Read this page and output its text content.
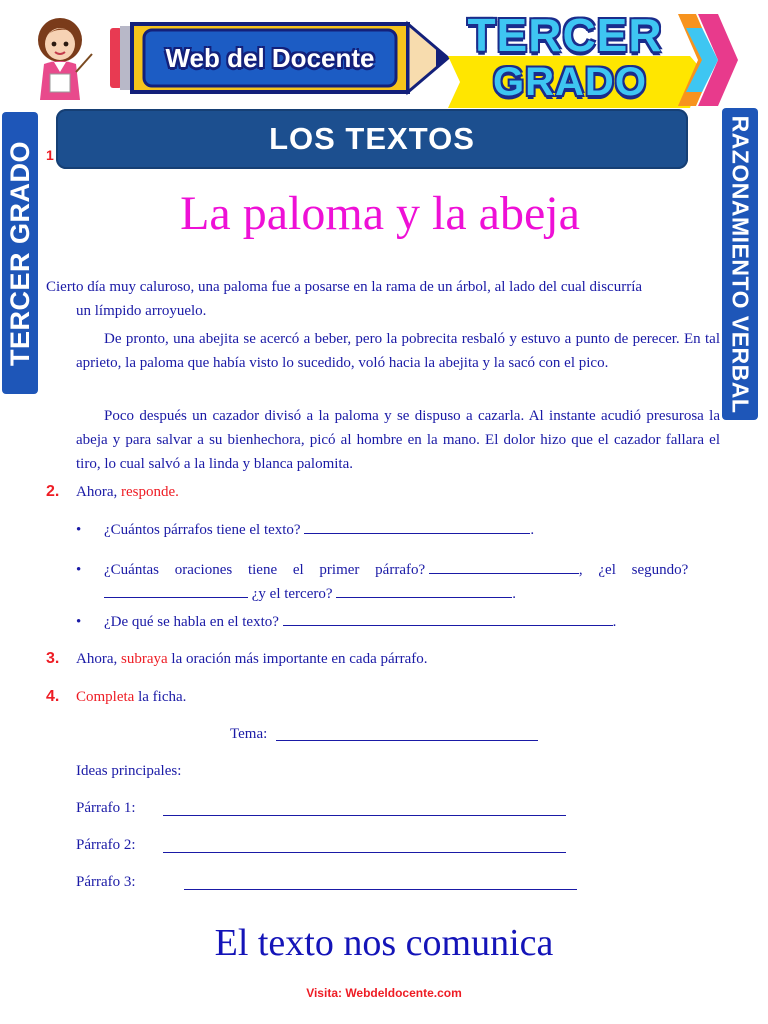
Web del Docente	TERCER
GRADO
TERCER GRADO	RAZONAMIENTO VERBAL
LOS TEXTOS
1
La paloma y la abeja
Cierto día muy caluroso, una paloma fue a posarse en la rama de un árbol, al lado del cual discurría
un límpido arroyuelo.
De pronto, una abejita se acercó a beber, pero la pobrecita resbaló y estuvo a punto de perecer. En tal aprieto, la paloma que había visto lo sucedido, voló hacia la abejita y la sacó con el pico.
Poco después un cazador divisó a la paloma y se dispuso a cazarla. Al instante acudió presurosa la abeja y para salvar a su bienhechora, picó al hombre en la mano. El dolor hizo que el cazador fallara el tiro, lo cual salvó a la linda y blanca palomita.
2. Ahora, responde.
• ¿Cuántos párrafos tiene el texto?	.
• ¿Cuántas oraciones tiene el primer párrafo?	, ¿el segundo?
¿y el tercero?	.
• ¿De qué se habla en el texto?	.
3. Ahora, subraya la oración más importante en cada párrafo.
4. Completa la ficha.
Tema:
Ideas principales:
Párrafo 1:
Párrafo 2:
Párrafo 3:
El texto nos comunica
Visita: Webdeldocente.com
